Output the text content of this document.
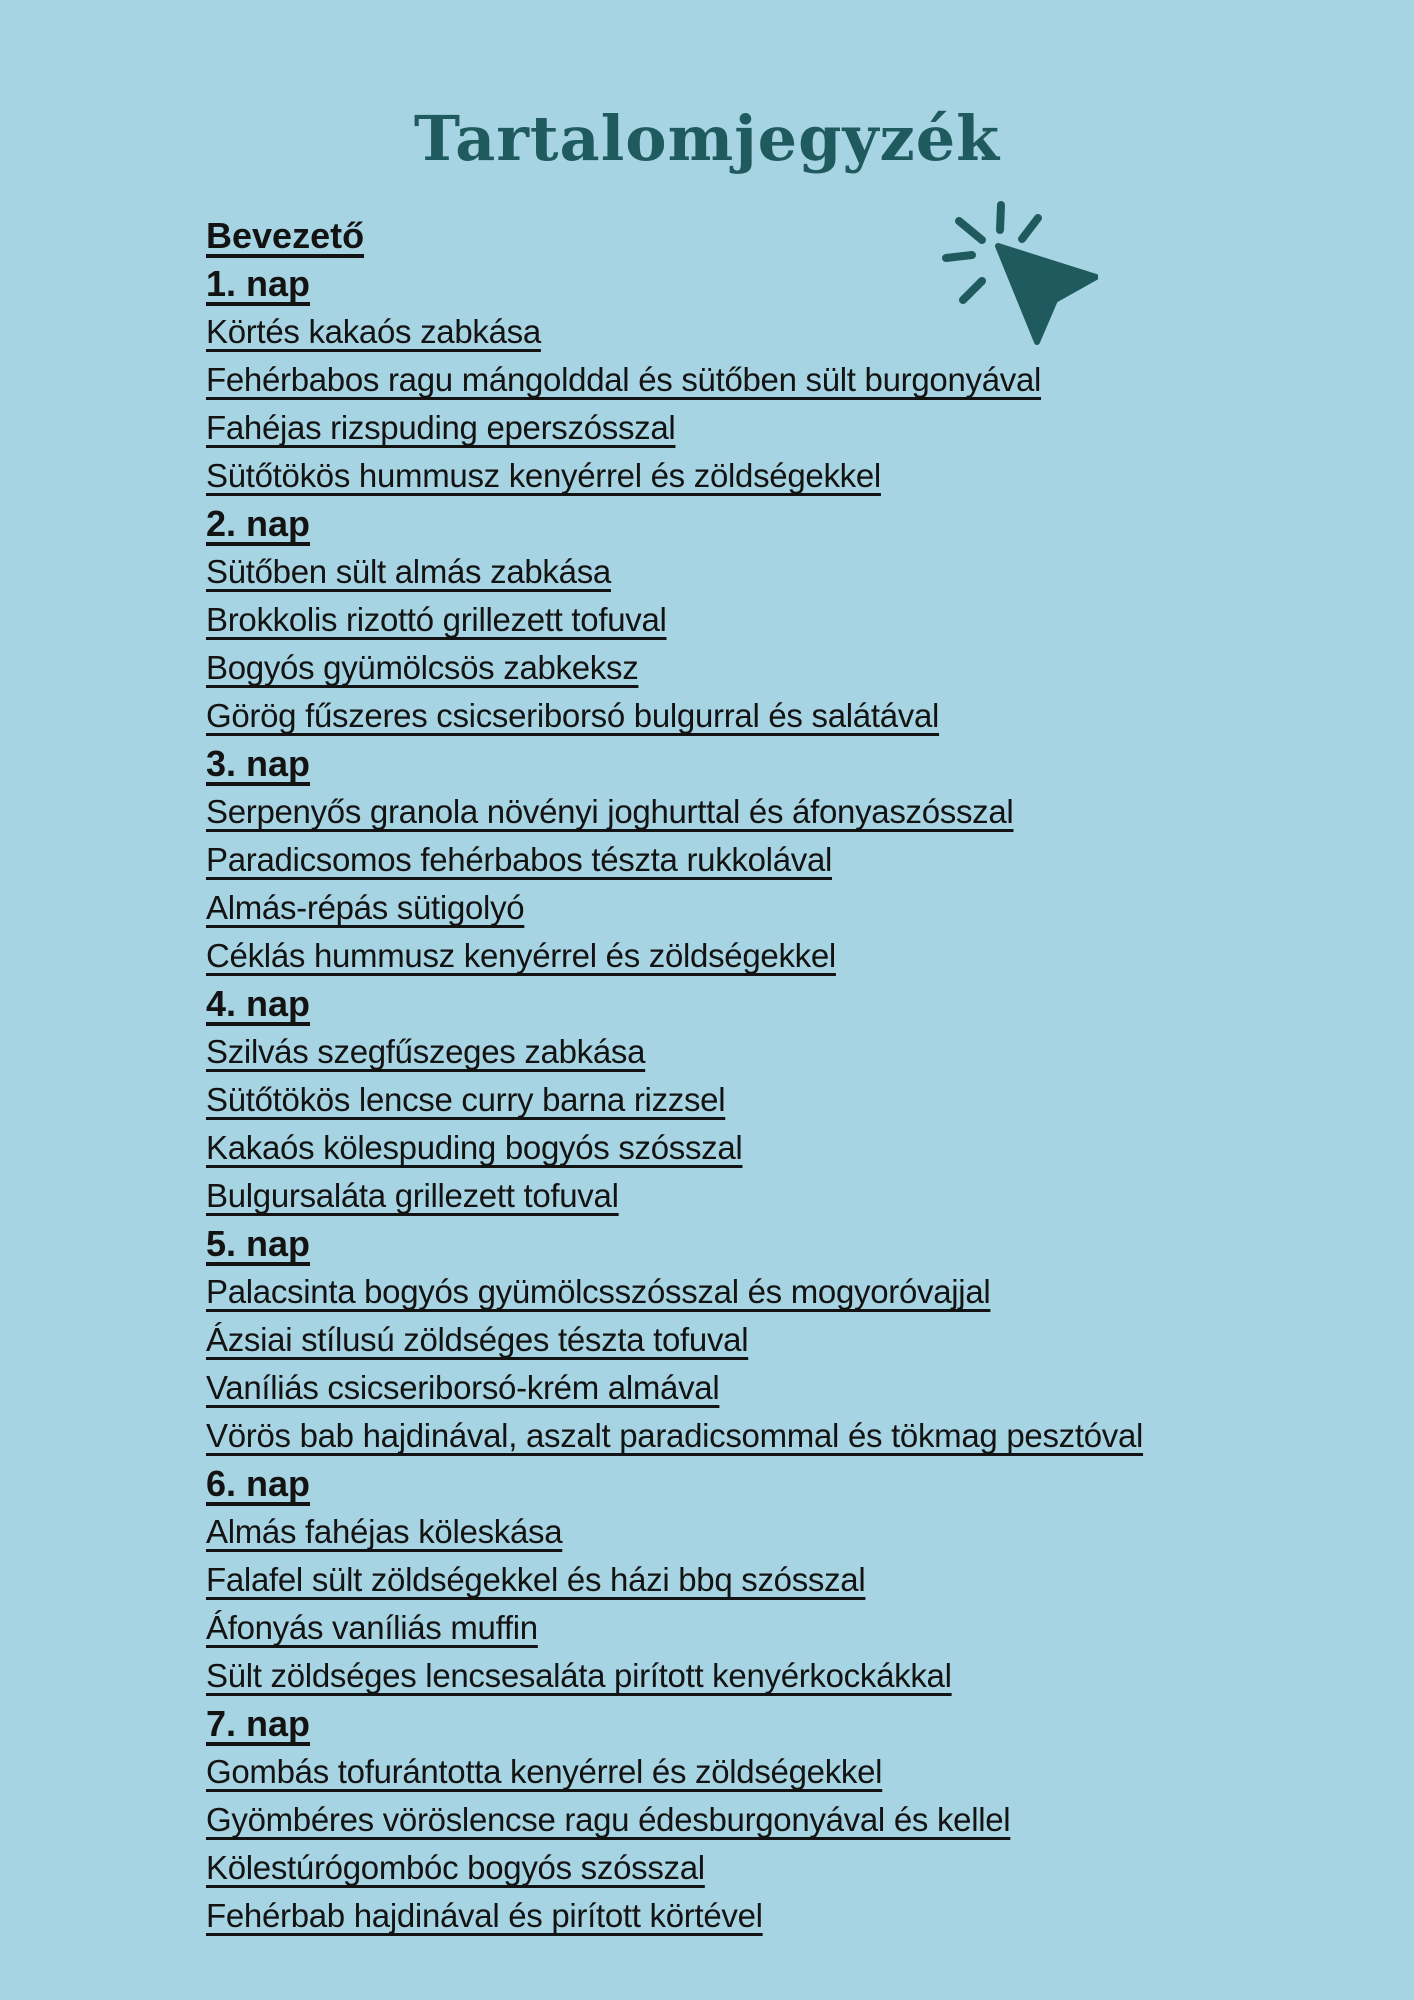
Tartalomjegyzék
Bevezető
1. nap
Körtés kakaós zabkása
Fehérbabos ragu mángolddal és sütőben sült burgonyával
Fahéjas rizspuding eperszósszal
Sütőtökös hummusz kenyérrel és zöldségekkel
2. nap
Sütőben sült almás zabkása
Brokkolis rizottó grillezett tofuval
Bogyós gyümölcsös zabkeksz
Görög fűszeres csicseriborsó bulgurral és salátával
3. nap
Serpenyős granola növényi joghurttal és áfonyaszósszal
Paradicsomos fehérbabos tészta rukkolával
Almás-répás sütigolyó
Céklás hummusz kenyérrel és zöldségekkel
4. nap
Szilvás szegfűszeges zabkása
Sütőtökös lencse curry barna rizzsel
Kakaós kölespuding bogyós szósszal
Bulgursaláta grillezett tofuval
5. nap
Palacsinta bogyós gyümölcsszósszal és mogyoróvajjal
Ázsiai stílusú zöldséges tészta tofuval
Vaníliás csicseriborsó-krém almával
Vörös bab hajdinával, aszalt paradicsommal és tökmag pesztóval
6. nap
Almás fahéjas köleskása
Falafel sült zöldségekkel és házi bbq szósszal
Áfonyás vaníliás muffin
Sült zöldséges lencsesaláta pirított kenyérkockákkal
7. nap
Gombás tofurántotta kenyérrel és zöldségekkel
Gyömbéres vöröslencse ragu édesburgonyával és kellel
Kölestúrógombóc bogyós szósszal
Fehérbab hajdinával és pirított körtével
